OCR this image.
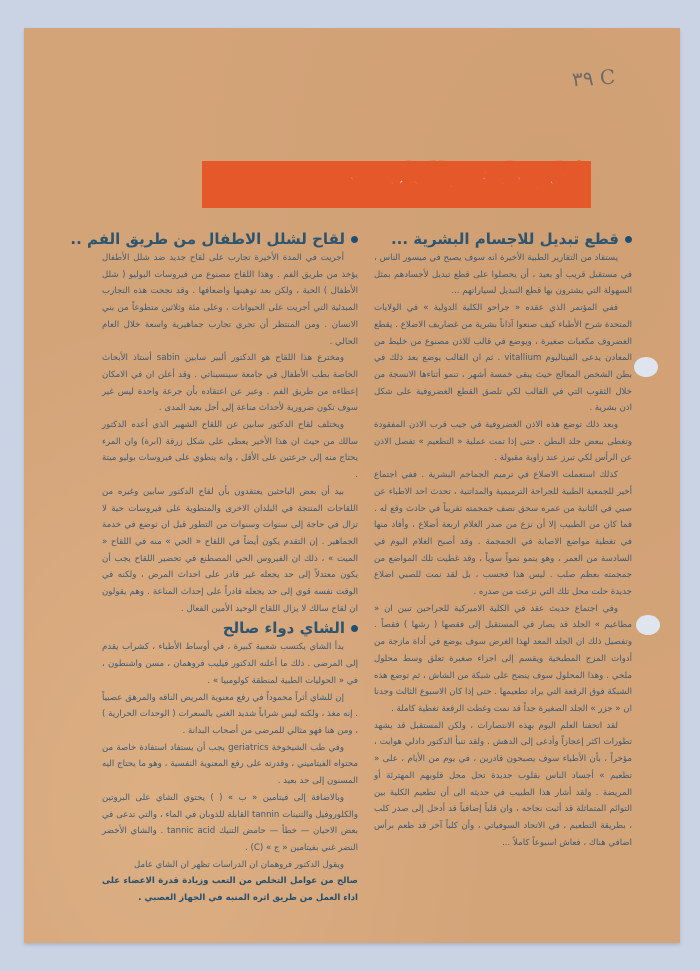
٣٩ C
كل ما في الطب من جديد

قطع تبديل للاجسام البشرية ...

يستفاد من التقارير الطبية الأخيرة انه سوف يصبح في ميسور الناس ، في مستقبل قريب أو بعيد ، أن يحصلوا على قطع تبديل لأجسادهم بمثل السهولة التي يشترون بها قطع التبديل لسياراتهم ...

ففي المؤتمر الذي عقده « جراحو الكلية الدولية » في الولايات المتحدة شرح الأطباء كيف صنعوا آذاناً بشرية من غضاريف الاضلاع . يقطع الغضروف مكعبات صغيرة ، ويوضع في قالب للاذن مصنوع من خليط من المعادن يدعى الفيتاليوم vitallium . ثم ان القالب يوضع بعد ذلك في بطن الشخص المعالج حيث يبقى خمسة أشهر ، تنمو أثناءها الانسجة من خلال الثقوب التي في القالب لكي تلصق القطع الغضروفية على شكل اذن بشرية .

وبعد ذلك توضع هذه الاذن الغضروفية في جيب قرب الاذن المفقودة وتغطى ببعض جلد البطن . حتى إذا تمت عملية « التطعيم » تفصل الاذن عن الرأس لكي تبرز عند زاوية مقبولة .

كذلك استعملت الاضلاع في ترميم الجماجم البشرية . ففي اجتماع أخير للجمعية الطبية للجراحة الترميمية والمداتنية ، تحدث احد الاطباء عن صبي في الثانية من عمره سحق نصف جمجمته تقريباً في حادث وقع له . فما كان من الطبيب إلا أن نزع من صدر الغلام اربعة أضلاع ، وأفاد منها في تغطية مواضع الاصابة في الجمجمة . وقد أصبح الغلام اليوم في السادسة من العمر ، وهو ينمو نمواً سوياً ، وقد غطيت تلك المواضع من جمجمته بعظم صلب . ليس هذا فحسب ، بل لقد نمت للصبي اضلاع جديدة حلت محل تلك التي نزعت من صدره .

وفي اجتماع حديث عقد في الكلية الاميركية للجراحين تبين ان « مطاعيم » الجلد قد يصار في المستقبل إلى فقصها ( رشها ) فقصاً . وتفصيل ذلك ان الجلد المعد لهذا الغرض سوف يوضع في أداة مازجة من أدوات المزج المطبخية ويقسم إلى اجزاء صغيرة تعلق وسط محلول ملحي . وهذا المحلول سوف ينضح على شبكة من الشاش ، ثم توضع هذه الشبكة فوق الرقعة التي يراد تطعيمها . حتى إذا كان الاسبوع الثالث وجدنا ان « جزر » الجلد الصغيرة جداً قد نمت وغطت الرقعة تغطية كاملة .

لقد اتحفنا العلم اليوم بهذه الانتصارات ، ولكن المستقبل قد يشهد تطورات اكثر إعجازاً وأدعى إلى الدهش . ولقد تنبأ الدكتور دادلي هوايت ، مؤخراً ، بأن الأطباء سوف يصبحون قادرين ، في يوم من الأيام ، على « تطعيم » أجساد الناس بقلوب جديدة تحل محل قلوبهم المهترئة أو المريضة . ولقد أشار هذا الطبيب في حديثه الى أن تطعيم الكلية بين التوائم المتماثلة قد أثبت نجاحه ، وان قلباً إضافياً قد أدخل إلى صدر كلب ، بطريقة التطعيم ، في الاتحاد السوفياتي ، وأن كلباً آخر قد طعم برأس اضافي هناك ، فعاش اسبوعاً كاملاً ...

لقاح لشلل الاطفال من طريق الفم ..

أجريت في المدة الأخيرة تجارب على لقاح جديد ضد شلل الأطفال يؤخذ من طريق الفم . وهذا اللقاح مصنوع من فيروسات البوليو ( شلل الأطفال ) الحية ، ولكن بعد توهينها واضعافها . وقد نجحت هذه التجارب المبدئية التي أجريت على الحيوانات ، وعلى مئة وثلاثين متطوعاً من بني الانسان . ومن المنتظر أن تجري تجارب جماهيرية واسعة خلال العام الحالي .

ومخترع هذا اللقاح هو الدكتور ألبير سابين sabin أستاذ الأبحاث الخاصة بطب الأطفال في جامعة سينسيناتي . وقد أعلن ان في الامكان إعطاءه من طريق الفم . وعبر عن اعتقاده بأن جرعة واحدة ليس غير سوف تكون ضرورية لأحداث مناعة إلى أجل بعيد المدى .

ويختلف لقاح الدكتور سابين عن اللقاح الشهير الذي أعده الدكتور سالك من حيث ان هذا الأخير يعطى على شكل زرقة (ابرة) وان المرء يحتاج منه إلى جرعتين على الأقل ، وانه ينطوي على فيروسات بوليو ميتة .

بيد أن بعض الباحثين يعتقدون بأن لقاح الدكتور سابين وغيره من اللقاحات المنتجة في البلدان الاخرى والمنطوية على فيروسات حية لا تزال في حاجة إلى سنوات وسنوات من التطور قبل ان توضع في خدمة الجماهير . إن التقدم يكون أيضاً في اللقاح « الحي » منه في اللقاح « الميت » ، ذلك ان الفيروس الحي المصطنع في تحضير اللقاح يجب أن يكون معتدلاً إلى حد يجعله غير قادر على احداث المرض ، ولكنه في الوقت نفسه قوي إلى حد يجعله قادراً على إحداث المناعة . وهم يقولون ان لقاح سالك لا يزال اللقاح الوحيد الأمين الفعال .

الشاي دواء صالح

بدأ الشاي يكتسب شعبية كبيرة ، في أوساط الأطباء ، كشراب يقدم إلى المرضى . ذلك ما أعلنه الدكتور فيليب فروهمان ، مسن واشنطون ، في « الحوليات الطبية لمنطقة كولومبيا » .

إن للشاي أثراً محموداً في رفع معنوية المريض الناقه والمرهق عصبياً . إنه مغذ ، ولكنه ليس شراباً شديد الغنى بالسعرات ( الوحدات الحرارية ) ، ومن هنا فهو مثالي للمرضى من أصحاب البدانة .

وفي طب الشيخوخة geriatrics يجب أن يستفاد استفادة خاصة من محتواه الفيتاميني ، وقدرته على رفع المعنوية النفسية ، وهو ما يحتاج اليه المسنون إلى حد بعيد .

وبالاضافة إلى فيتامين « ب » ( ) يحتوي الشاي على البروتين والكلوروفيل والتنينات tannin القابلة للذوبان في الماء ، والتي تدعى في بعض الاحيان — خطأ — حامض التنيك tannic acid . والشاي الأخضر النضر غني بفيتامين « ج » (C) .

ويقول الدكتور فروهمان ان الدراسات تظهر ان الشاي عامل

صالح من عوامل التخلص من التعب وزيادة قدرة الاعضاء على اداء العمل من طريق اثره المنبه في الجهاز العصبي .
